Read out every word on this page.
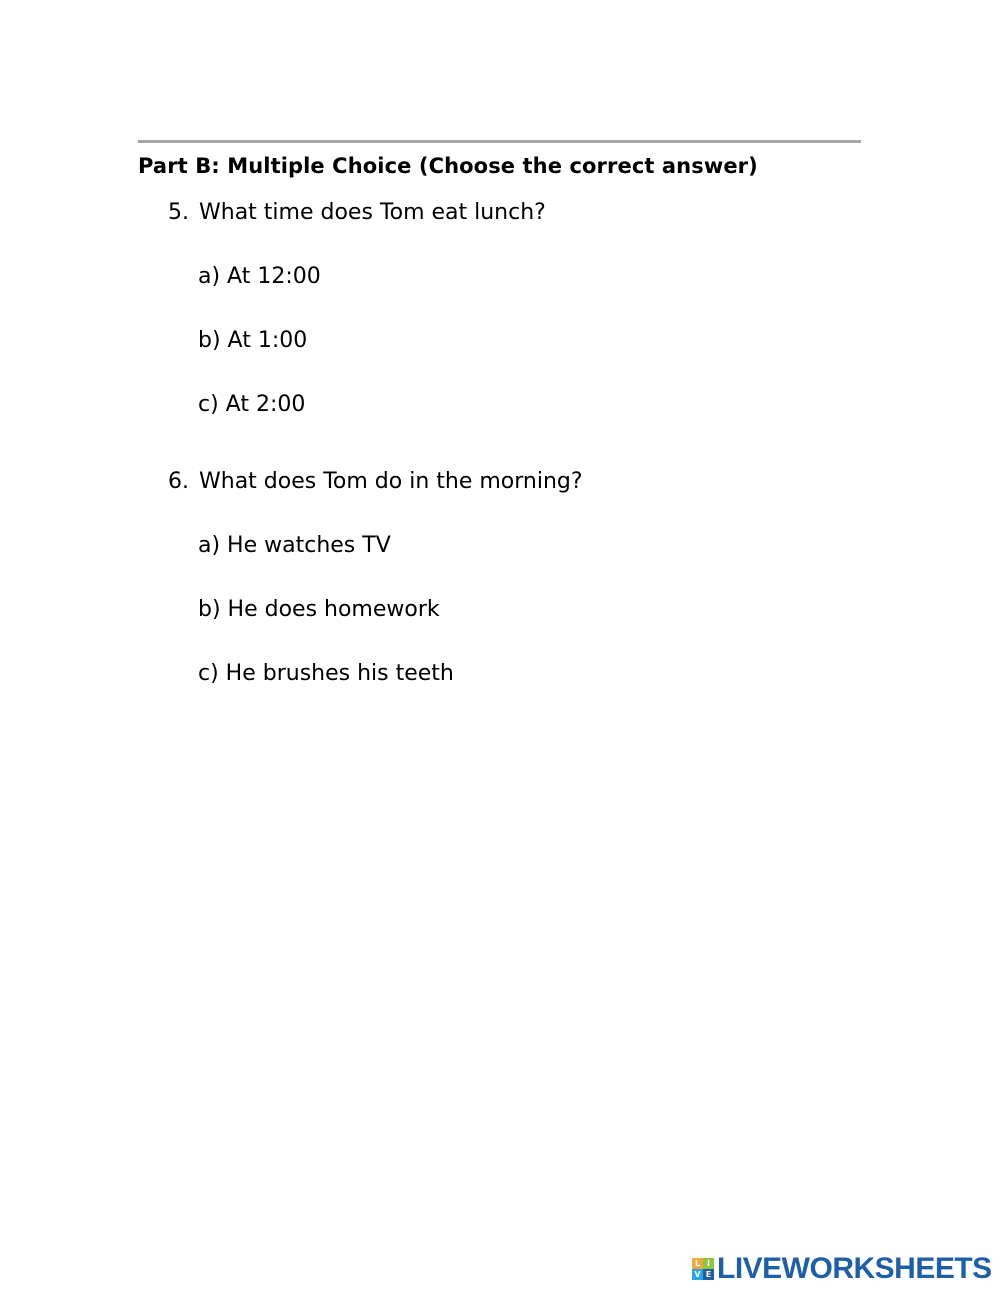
Part B: Multiple Choice (Choose the correct answer)
5. What time does Tom eat lunch?
a) At 12:00
b) At 1:00
c) At 2:00
6. What does Tom do in the morning?
a) He watches TV
b) He does homework
c) He brushes his teeth
L I
V E LIVEWORKSHEETS
